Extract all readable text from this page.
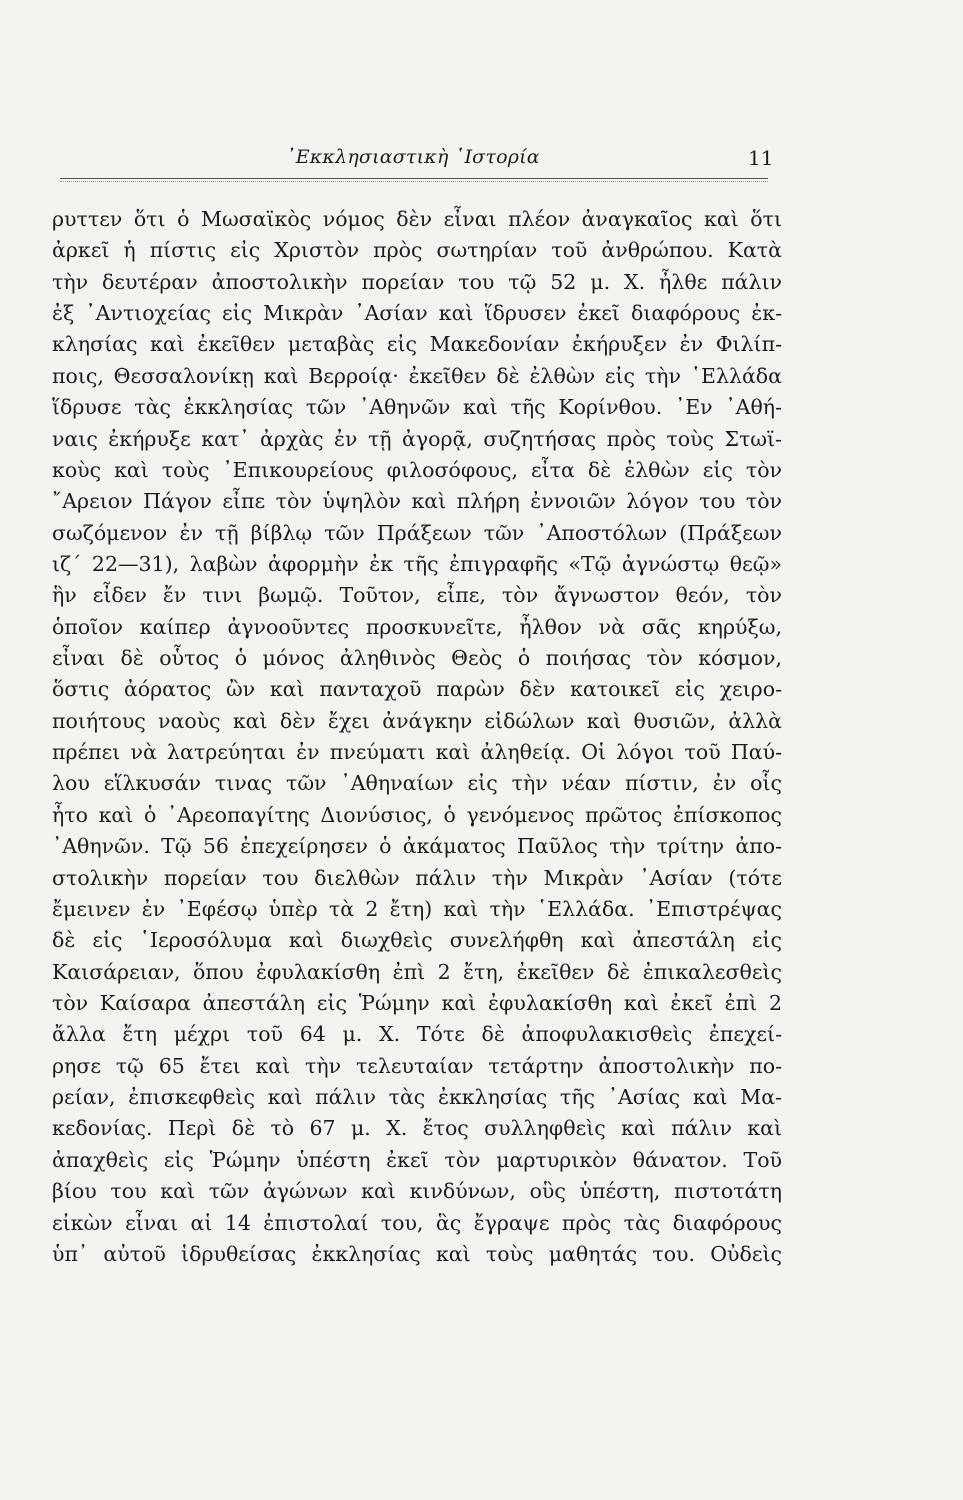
᾿Εκκλησιαστικὴ ῾Ιστορία	11
ρυττεν ὅτι ὁ Μωσαϊκὸς νόμος δὲν εἶναι πλέον ἀναγκαῖος καὶ ὅτι
ἀρκεῖ ἡ πίστις εἰς Χριστὸν πρὸς σωτηρίαν τοῦ ἀνθρώπου. Κατὰ
τὴν δευτέραν ἀποστολικὴν πορείαν του τῷ 52 μ. Χ. ἦλθε πάλιν
ἐξ ᾿Αντιοχείας εἰς Μικρὰν ᾿Ασίαν καὶ ἵδρυσεν ἐκεῖ διαφόρους ἐκ-
κλησίας καὶ ἐκεῖθεν μεταβὰς εἰς Μακεδονίαν ἐκήρυξεν ἐν Φιλίπ-
ποις, Θεσσαλονίκῃ καὶ Βερροίᾳ· ἐκεῖθεν δὲ ἐλθὼν εἰς τὴν ῾Ελλάδα
ἵδρυσε τὰς ἐκκλησίας τῶν ᾿Αθηνῶν καὶ τῆς Κορίνθου. ᾿Εν ᾿Αθή-
ναις ἐκήρυξε κατ᾿ ἀρχὰς ἐν τῇ ἀγορᾷ, συζητήσας πρὸς τοὺς Στωϊ-
κοὺς καὶ τοὺς ᾿Επικουρείους φιλοσόφους, εἶτα δὲ ἐλθὼν εἰς τὸν
῎Αρειον Πάγον εἶπε τὸν ὑψηλὸν καὶ πλήρη ἐννοιῶν λόγον του τὸν
σωζόμενον ἐν τῇ βίβλῳ τῶν Πράξεων τῶν ᾿Αποστόλων (Πράξεων
ιζ΄ 22—31), λαβὼν ἀφορμὴν ἐκ τῆς ἐπιγραφῆς «Τῷ ἀγνώστῳ θεῷ»
ἣν εἶδεν ἔν τινι βωμῷ. Τοῦτον, εἶπε, τὸν ἄγνωστον θεόν, τὸν
ὁποῖον καίπερ ἀγνοοῦντες προσκυνεῖτε, ἦλθον νὰ σᾶς κηρύξω,
εἶναι δὲ οὗτος ὁ μόνος ἀληθινὸς Θεὸς ὁ ποιήσας τὸν κόσμον,
ὅστις ἀόρατος ὢν καὶ πανταχοῦ παρὼν δὲν κατοικεῖ εἰς χειρο-
ποιήτους ναοὺς καὶ δὲν ἔχει ἀνάγκην εἰδώλων καὶ θυσιῶν, ἀλλὰ
πρέπει νὰ λατρεύηται ἐν πνεύματι καὶ ἀληθείᾳ. Οἱ λόγοι τοῦ Παύ-
λου εἵλκυσάν τινας τῶν ᾿Αθηναίων εἰς τὴν νέαν πίστιν, ἐν οἷς
ἦτο καὶ ὁ ᾿Αρεοπαγίτης Διονύσιος, ὁ γενόμενος πρῶτος ἐπίσκοπος
᾿Αθηνῶν. Τῷ 56 ἐπεχείρησεν ὁ ἀκάματος Παῦλος τὴν τρίτην ἀπο-
στολικὴν πορείαν του διελθὼν πάλιν τὴν Μικρὰν ᾿Ασίαν (τότε
ἔμεινεν ἐν ᾿Εφέσῳ ὑπὲρ τὰ 2 ἔτη) καὶ τὴν ῾Ελλάδα. ᾿Επιστρέψας
δὲ εἰς ῾Ιεροσόλυμα καὶ διωχθεὶς συνελήφθη καὶ ἀπεστάλη εἰς
Καισάρειαν, ὅπου ἐφυλακίσθη ἐπὶ 2 ἔτη, ἐκεῖθεν δὲ ἐπικαλεσθεὶς
τὸν Καίσαρα ἀπεστάλη εἰς Ῥώμην καὶ ἐφυλακίσθη καὶ ἐκεῖ ἐπὶ 2
ἄλλα ἔτη μέχρι τοῦ 64 μ. Χ. Τότε δὲ ἀποφυλακισθεὶς ἐπεχεί-
ρησε τῷ 65 ἔτει καὶ τὴν τελευταίαν τετάρτην ἀποστολικὴν πο-
ρείαν, ἐπισκεφθεὶς καὶ πάλιν τὰς ἐκκλησίας τῆς ᾿Ασίας καὶ Μα-
κεδονίας. Περὶ δὲ τὸ 67 μ. Χ. ἔτος συλληφθεὶς καὶ πάλιν καὶ
ἀπαχθεὶς εἰς Ῥώμην ὑπέστη ἐκεῖ τὸν μαρτυρικὸν θάνατον. Τοῦ
βίου του καὶ τῶν ἀγώνων καὶ κινδύνων, οὓς ὑπέστη, πιστοτάτη
εἰκὼν εἶναι αἱ 14 ἐπιστολαί του, ἃς ἔγραψε πρὸς τὰς διαφόρους
ὑπ᾿ αὐτοῦ ἱδρυθείσας ἐκκλησίας καὶ τοὺς μαθητάς του. Οὐδεὶς
